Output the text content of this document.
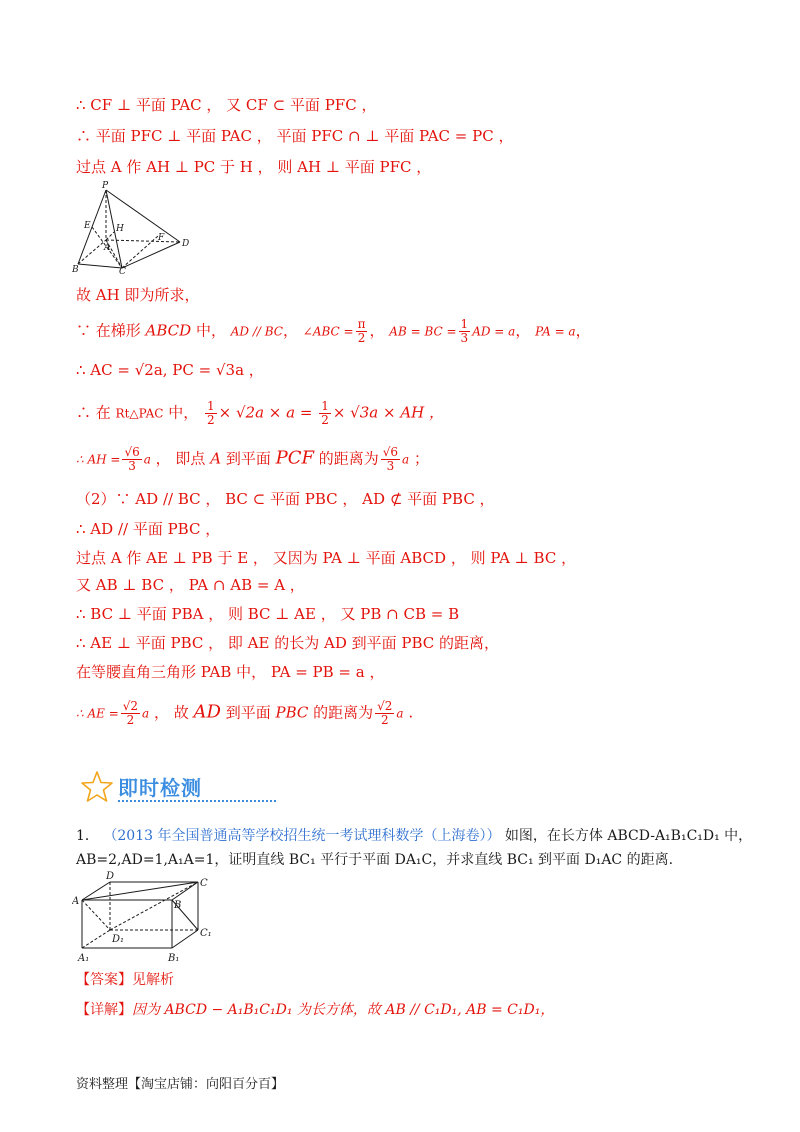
∴ CF ⊥ 平面 PAC ， 又 CF ⊂ 平面 PFC ，
∴ 平面 PFC ⊥ 平面 PAC ， 平面 PFC ∩ ⊥ 平面 PAC = PC ，
过点 A 作 AH ⊥ PC 于 H ， 则 AH ⊥ 平面 PFC ，
P
E	H
A
F
D
B	C
故 AH 即为所求，
∵ 在梯形 ABCD 中， AD // BC， ∠ABC = $\frac{\pi}{2}$ ， AB = BC = $\frac{1}{3}$ AD = a， PA = a，
∴ AC = √2a, PC = √3a ，
∴ 在 Rt△PAC 中， $\frac{1}{2} \times √2a \times a = \frac{1}{2} \times √3a$ × AH ，
∴ AH = $\frac{√6}{3}$ a ， 即点 A 到平面 PCF 的距离为 $\frac{√6}{3}$ a ；
（2）∵ AD // BC ， BC ⊂ 平面 PBC ， AD ⊄ 平面 PBC ，
∴ AD // 平面 PBC ，
过点 A 作 AE ⊥ PB 于 E ， 又因为 PA ⊥ 平面 ABCD ， 则 PA ⊥ BC ，
又 AB ⊥ BC ， PA ∩ AB = A ，
∴ BC ⊥ 平面 PBA ， 则 BC ⊥ AE ， 又 PB ∩ CB = B
∴ AE ⊥ 平面 PBC ， 即 AE 的长为 AD 到平面 PBC 的距离，
在等腰直角三角形 PAB 中， PA = PB = a ，
∴ AE = $\frac{√2}{2}$ a ， 故 AD 到平面 PBC 的距离为 $\frac{√2}{2}$ a .
即时检测
1． （2013 年全国普通高等学校招生统一考试理科数学（上海卷）） 如图，在长方体 ABCD-A₁B₁C₁D₁ 中，
AB=2,AD=1,A₁A=1，证明直线 BC₁ 平行于平面 DA₁C，并求直线 BC₁ 到平面 D₁AC 的距离.
D
C
A	B
D₁
C₁
A₁	B₁
【答案】见解析
【详解】因为 ABCD − A₁B₁C₁D₁ 为长方体，故 AB // C₁D₁, AB = C₁D₁，
资料整理【淘宝店铺：向阳百分百】
